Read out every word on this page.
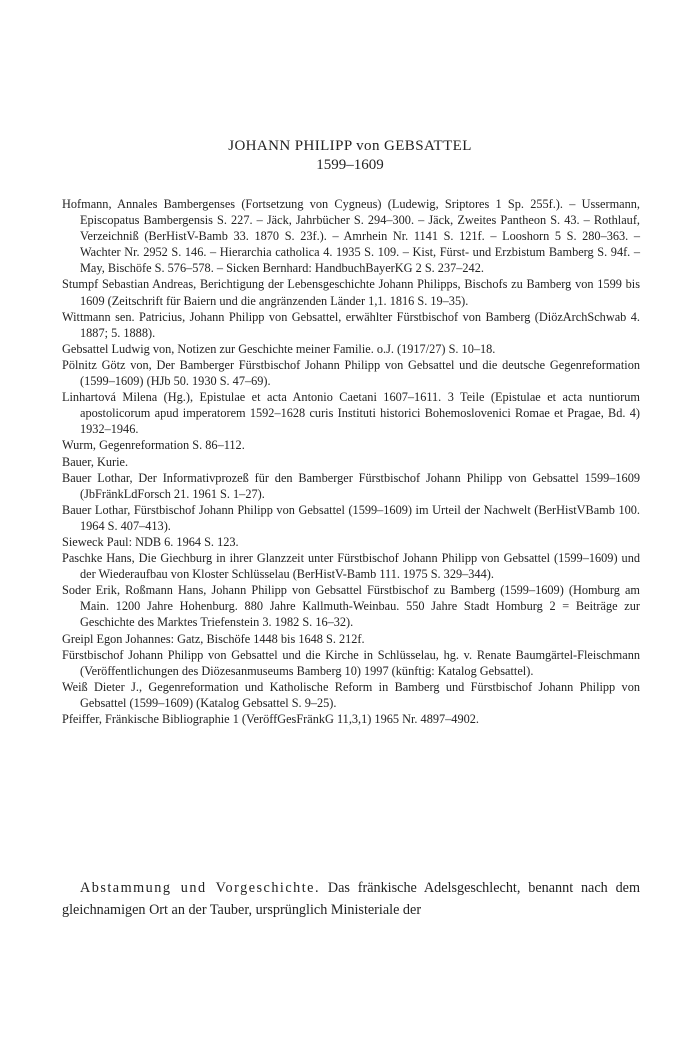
JOHANN PHILIPP von GEBSATTEL
1599–1609
Hofmann, Annales Bambergenses (Fortsetzung von Cygneus) (Ludewig, Sriptores 1 Sp. 255f.). – Ussermann, Episcopatus Bambergensis S. 227. – Jäck, Jahrbücher S. 294–300. – Jäck, Zweites Pantheon S. 43. – Rothlauf, Verzeichniß (BerHistV-Bamb 33. 1870 S. 23f.). – Amrhein Nr. 1141 S. 121f. – Looshorn 5 S. 280–363. – Wachter Nr. 2952 S. 146. – Hierarchia catholica 4. 1935 S. 109. – Kist, Fürst- und Erzbistum Bamberg S. 94f. – May, Bischöfe S. 576–578. – Sicken Bernhard: HandbuchBayerKG 2 S. 237–242.
Stumpf Sebastian Andreas, Berichtigung der Lebensgeschichte Johann Philipps, Bischofs zu Bamberg von 1599 bis 1609 (Zeitschrift für Baiern und die angränzenden Länder 1,1. 1816 S. 19–35).
Wittmann sen. Patricius, Johann Philipp von Gebsattel, erwählter Fürstbischof von Bamberg (DiözArchSchwab 4. 1887; 5. 1888).
Gebsattel Ludwig von, Notizen zur Geschichte meiner Familie. o.J. (1917/27) S. 10–18.
Pölnitz Götz von, Der Bamberger Fürstbischof Johann Philipp von Gebsattel und die deutsche Gegenreformation (1599–1609) (HJb 50. 1930 S. 47–69).
Linhartová Milena (Hg.), Epistulae et acta Antonio Caetani 1607–1611. 3 Teile (Epistulae et acta nuntiorum apostolicorum apud imperatorem 1592–1628 curis Instituti historici Bohemoslovenici Romae et Pragae, Bd. 4) 1932–1946.
Wurm, Gegenreformation S. 86–112.
Bauer, Kurie.
Bauer Lothar, Der Informativprozeß für den Bamberger Fürstbischof Johann Philipp von Gebsattel 1599–1609 (JbFränkLdForsch 21. 1961 S. 1–27).
Bauer Lothar, Fürstbischof Johann Philipp von Gebsattel (1599–1609) im Urteil der Nachwelt (BerHistVBamb 100. 1964 S. 407–413).
Sieweck Paul: NDB 6. 1964 S. 123.
Paschke Hans, Die Giechburg in ihrer Glanzzeit unter Fürstbischof Johann Philipp von Gebsattel (1599–1609) und der Wiederaufbau von Kloster Schlüsselau (BerHistV-Bamb 111. 1975 S. 329–344).
Soder Erik, Roßmann Hans, Johann Philipp von Gebsattel Fürstbischof zu Bamberg (1599–1609) (Homburg am Main. 1200 Jahre Hohenburg. 880 Jahre Kallmuth-Weinbau. 550 Jahre Stadt Homburg 2 = Beiträge zur Geschichte des Marktes Triefenstein 3. 1982 S. 16–32).
Greipl Egon Johannes: Gatz, Bischöfe 1448 bis 1648 S. 212f.
Fürstbischof Johann Philipp von Gebsattel und die Kirche in Schlüsselau, hg. v. Renate Baumgärtel-Fleischmann (Veröffentlichungen des Diözesanmuseums Bamberg 10) 1997 (künftig: Katalog Gebsattel).
Weiß Dieter J., Gegenreformation und Katholische Reform in Bamberg und Fürstbischof Johann Philipp von Gebsattel (1599–1609) (Katalog Gebsattel S. 9–25).
Pfeiffer, Fränkische Bibliographie 1 (VeröffGesFränkG 11,3,1) 1965 Nr. 4897–4902.

Abstammung und Vorgeschichte. Das fränkische Adelsgeschlecht, benannt nach dem gleichnamigen Ort an der Tauber, ursprünglich Ministeriale der
